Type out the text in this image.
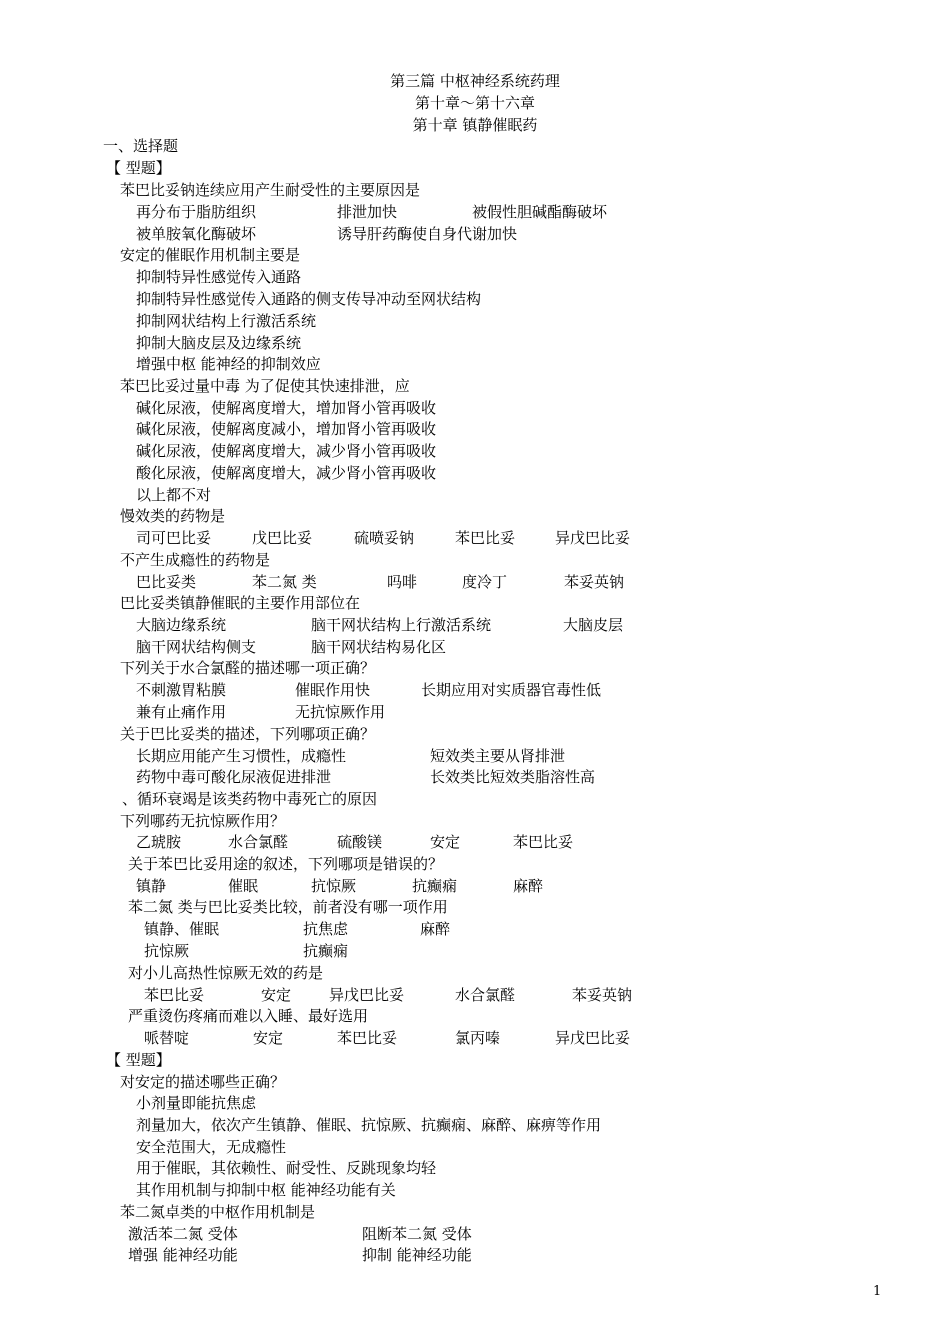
第三篇 中枢神经系统药理
第十章～第十六章
第十章 镇静催眠药
一、选择题
【 型题】
苯巴比妥钠连续应用产生耐受性的主要原因是
再分布于脂肪组织	排泄加快	被假性胆碱酯酶破坏
被单胺氧化酶破坏	诱导肝药酶使自身代谢加快
安定的催眠作用机制主要是
抑制特异性感觉传入通路
抑制特异性感觉传入通路的侧支传导冲动至网状结构
抑制网状结构上行激活系统
抑制大脑皮层及边缘系统
增强中枢 能神经的抑制效应
苯巴比妥过量中毒 为了促使其快速排泄，应
碱化尿液，使解离度增大，增加肾小管再吸收
碱化尿液，使解离度减小，增加肾小管再吸收
碱化尿液，使解离度增大，减少肾小管再吸收
酸化尿液，使解离度增大，减少肾小管再吸收
以上都不对
慢效类的药物是
司可巴比妥	戊巴比妥	硫喷妥钠	苯巴比妥	异戊巴比妥
不产生成瘾性的药物是
巴比妥类	苯二氮 类	吗啡	度冷丁	苯妥英钠
巴比妥类镇静催眠的主要作用部位在
大脑边缘系统	脑干网状结构上行激活系统	大脑皮层
脑干网状结构侧支	脑干网状结构易化区
下列关于水合氯醛的描述哪一项正确？
不刺激胃粘膜	催眠作用快	长期应用对实质器官毒性低
兼有止痛作用	无抗惊厥作用
关于巴比妥类的描述，下列哪项正确？
长期应用能产生习惯性，成瘾性	短效类主要从肾排泄
药物中毒可酸化尿液促进排泄	长效类比短效类脂溶性高
、循环衰竭是该类药物中毒死亡的原因
下列哪药无抗惊厥作用？
乙琥胺	水合氯醛	硫酸镁	安定	苯巴比妥
关于苯巴比妥用途的叙述，下列哪项是错误的？
镇静	催眠	抗惊厥	抗癫痫	麻醉
苯二氮 类与巴比妥类比较，前者没有哪一项作用
镇静、催眠	抗焦虑	麻醉
抗惊厥	抗癫痫
对小儿高热性惊厥无效的药是
苯巴比妥	安定	异戊巴比妥	水合氯醛	苯妥英钠
严重烫伤疼痛而难以入睡、最好选用
哌替啶	安定	苯巴比妥	氯丙嗪	异戊巴比妥
【 型题】
对安定的描述哪些正确？
小剂量即能抗焦虑
剂量加大，依次产生镇静、催眠、抗惊厥、抗癫痫、麻醉、麻痹等作用
安全范围大，无成瘾性
用于催眠，其依赖性、耐受性、反跳现象均轻
其作用机制与抑制中枢 能神经功能有关
苯二氮卓类的中枢作用机制是
激活苯二氮 受体	阻断苯二氮 受体
增强 能神经功能	抑制 能神经功能
1
